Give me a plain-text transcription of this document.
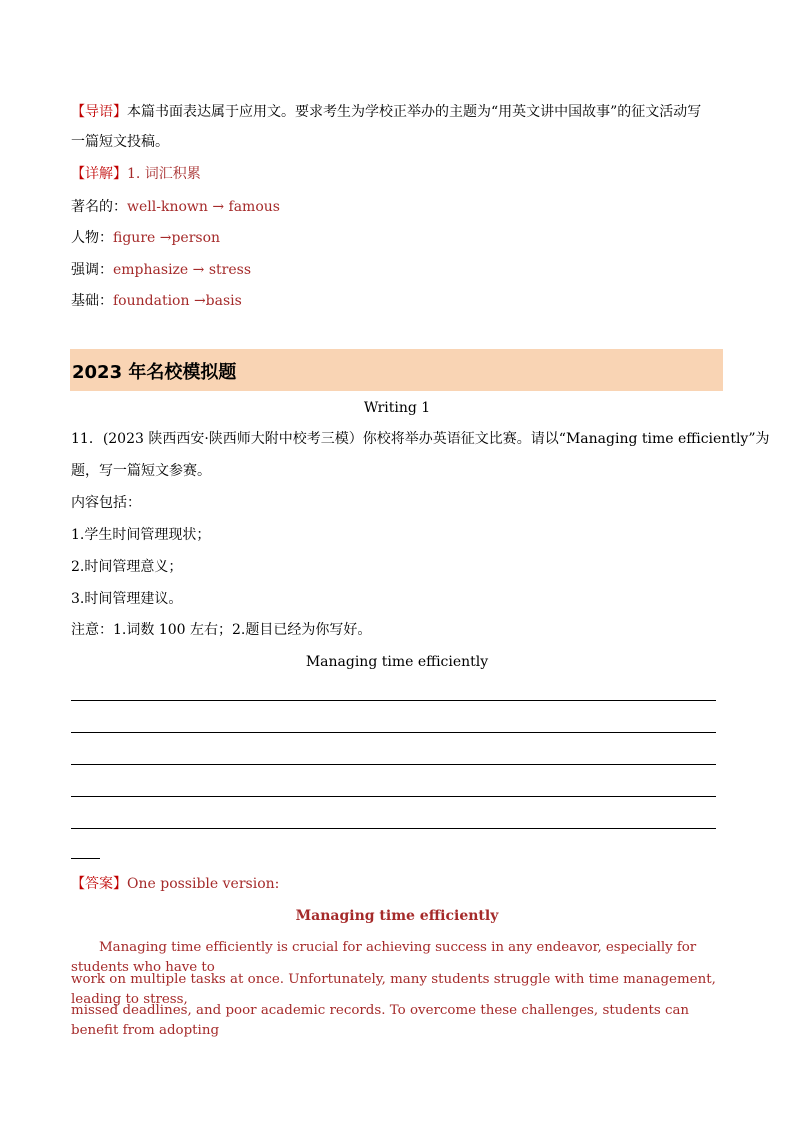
【导语】本篇书面表达属于应用文。要求考生为学校正举办的主题为“用英文讲中国故事”的征文活动写
一篇短文投稿。
【详解】1. 词汇积累
著名的：well-known → famous
人物：figure →person
强调：emphasize → stress
基础：foundation →basis
2023 年名校模拟题
Writing 1
11．(2023 陕西西安·陕西师大附中校考三模）你校将举办英语征文比赛。请以“Managing time efficiently”为
题，写一篇短文参赛。
内容包括：
1.学生时间管理现状；
2.时间管理意义；
3.时间管理建议。
注意：1.词数 100 左右；2.题目已经为你写好。
Managing time efficiently
【答案】One possible version:
Managing time efficiently
Managing time efficiently is crucial for achieving success in any endeavor, especially for students who have to
work on multiple tasks at once. Unfortunately, many students struggle with time management, leading to stress,
missed deadlines, and poor academic records. To overcome these challenges, students can benefit from adopting
